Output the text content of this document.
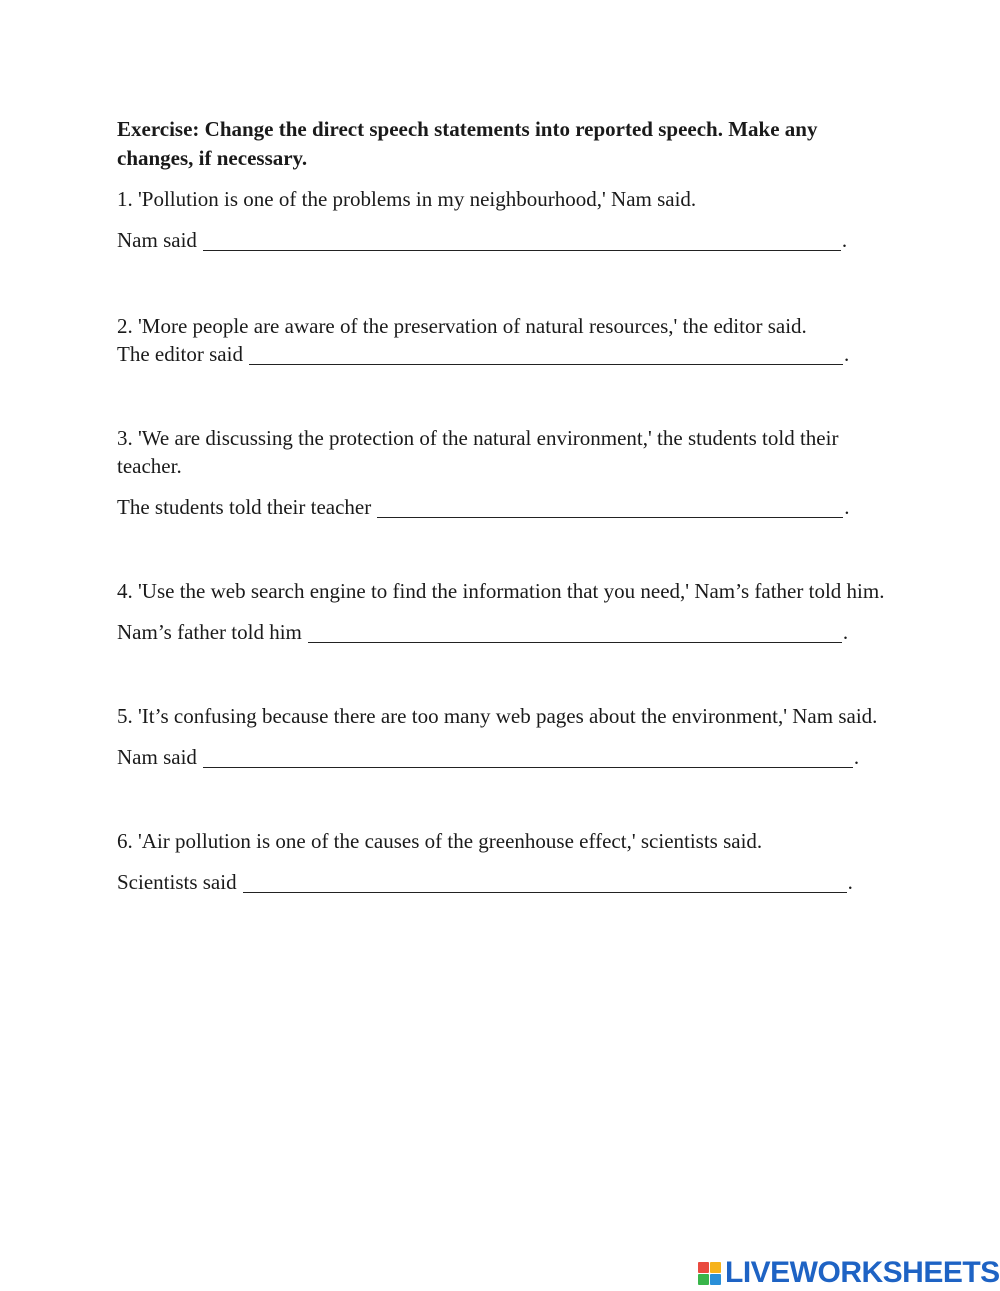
Exercise: Change the direct speech statements into reported speech. Make any changes, if necessary.

1. 'Pollution is one of the problems in my neighbourhood,' Nam said.

Nam said	.

2. 'More people are aware of the preservation of natural resources,' the editor said.

The editor said	.

3. 'We are discussing the protection of the natural environment,' the students told their teacher.

The students told their teacher	.

4. 'Use the web search engine to find the information that you need,' Nam’s father told him.

Nam’s father told him	.

5. 'It’s confusing because there are too many web pages about the environment,' Nam said.

Nam said	.

6. 'Air pollution is one of the causes of the greenhouse effect,' scientists said.

Scientists said	.
LIVEWORKSHEETS
